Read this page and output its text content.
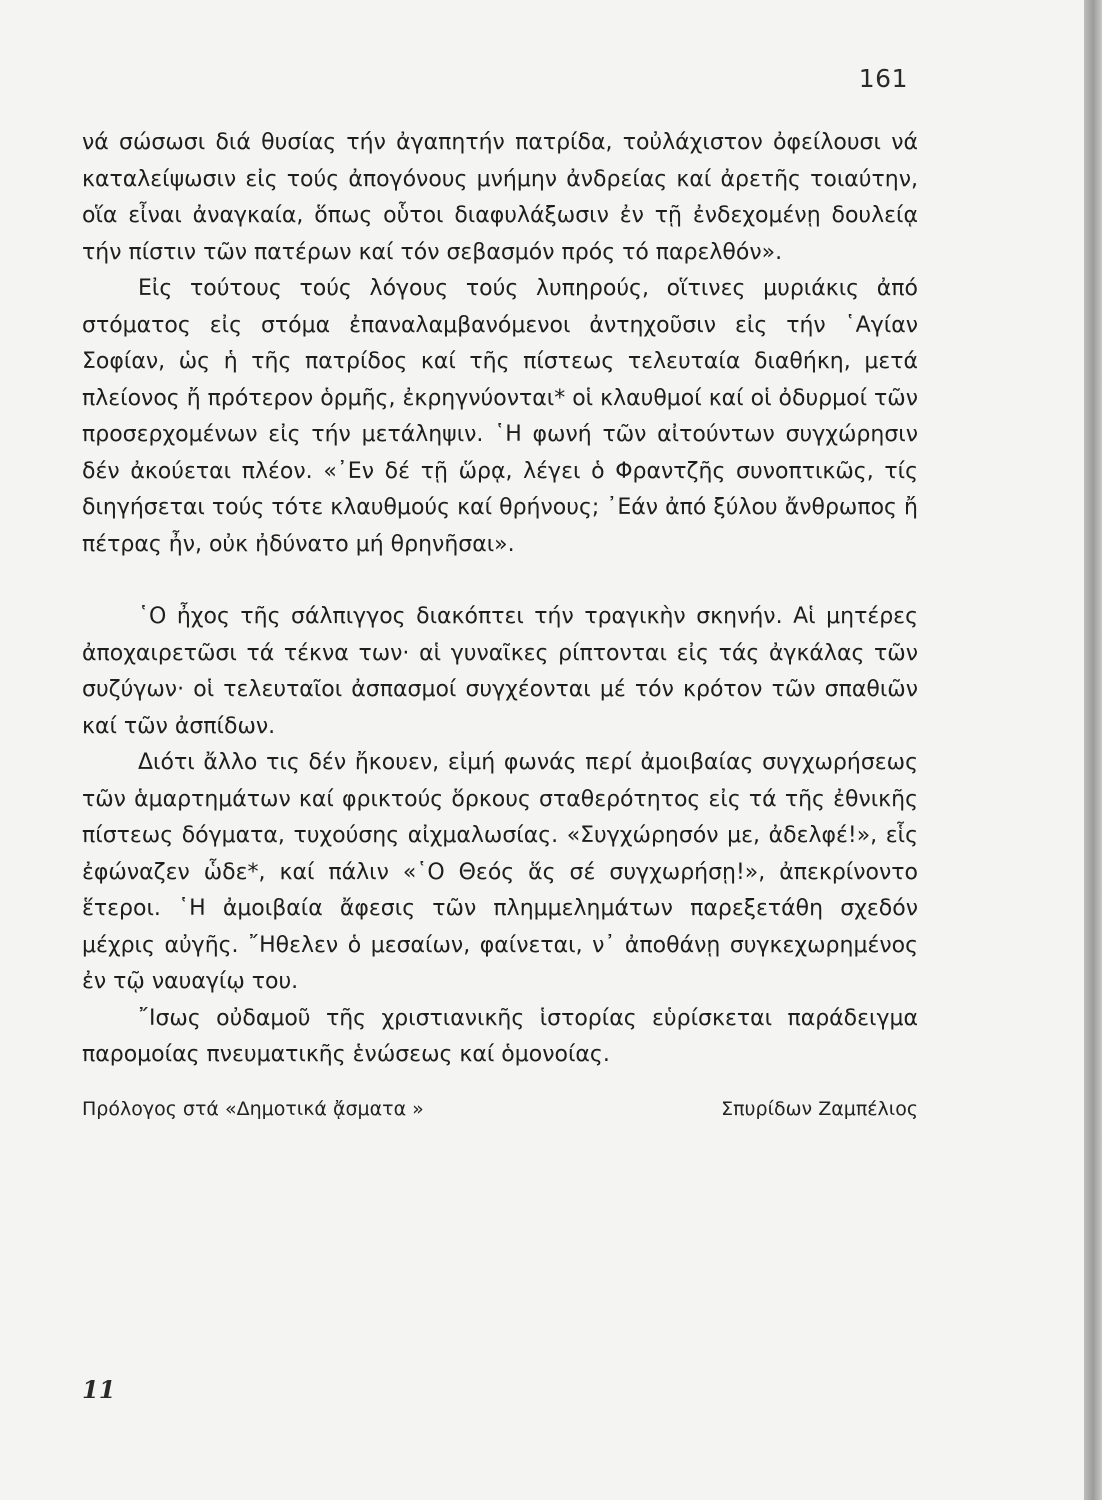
161

νά σώσωσι διά θυσίας τήν ἀγαπητήν πατρίδα, τοὐλάχιστον ὀφείλουσι νά καταλείψωσιν εἰς τούς ἀπογόνους μνήμην ἀνδρείας καί ἀρετῆς τοιαύτην, οἵα εἶναι ἀναγκαία, ὅπως οὗτοι διαφυλάξωσιν ἐν τῇ ἐνδεχομένῃ δουλείᾳ τήν πίστιν τῶν πατέρων καί τόν σεβασμόν πρός τό παρελθόν».

Εἰς τούτους τούς λόγους τούς λυπηρούς, οἵτινες μυριάκις ἀπό στόματος εἰς στόμα ἐπαναλαμβανόμενοι ἀντηχοῦσιν εἰς τήν ῾Αγίαν Σοφίαν, ὡς ἡ τῆς πατρίδος καί τῆς πίστεως τελευταία διαθήκη, μετά πλείονος ἤ πρότερον ὁρμῆς, ἐκρηγνύονται* οἱ κλαυθμοί καί οἱ ὀδυρμοί τῶν προσερχομένων εἰς τήν μετάληψιν. ῾Η φωνή τῶν αἰτούντων συγχώρησιν δέν ἀκούεται πλέον. «᾿Εν δέ τῇ ὥρᾳ, λέγει ὁ Φραντζῆς συνοπτικῶς, τίς διηγήσεται τούς τότε κλαυθμούς καί θρήνους; ᾿Εάν ἀπό ξύλου ἄνθρωπος ἤ πέτρας ἦν, οὐκ ἠδύνατο μή θρηνῆσαι».

῾Ο ἦχος τῆς σάλπιγγος διακόπτει τήν τραγικὴν σκηνήν. Αἱ μητέρες ἀποχαιρετῶσι τά τέκνα των· αἱ γυναῖκες ρίπτονται εἰς τάς ἀγκάλας τῶν συζύγων· οἱ τελευταῖοι ἀσπασμοί συγχέονται μέ τόν κρότον τῶν σπαθιῶν καί τῶν ἀσπίδων.

Διότι ἄλλο τις δέν ἤκουεν, εἰμή φωνάς περί ἀμοιβαίας συγχωρήσεως τῶν ἁμαρτημάτων καί φρικτούς ὅρκους σταθερότητος εἰς τά τῆς ἐθνικῆς πίστεως δόγματα, τυχούσης αἰχμαλωσίας. «Συγχώρησόν με, ἀδελφέ!», εἷς ἐφώναζεν ὧδε*, καί πάλιν «῾Ο Θεός ἅς σέ συγχωρήσῃ!», ἀπεκρίνοντο ἕτεροι. ῾Η ἀμοιβαία ἄφεσις τῶν πλημμελημάτων παρεξετάθη σχεδόν μέχρις αὐγῆς. ῎Ηθελεν ὁ μεσαίων, φαίνεται, ν᾿ ἀποθάνῃ συγκεχωρημένος ἐν τῷ ναυαγίῳ του.

῎Ισως οὐδαμοῦ τῆς χριστιανικῆς ἱστορίας εὑρίσκεται παράδειγμα παρομοίας πνευματικῆς ἑνώσεως καί ὁμονοίας.

Πρόλογος στά «Δημοτικά ᾄσματα »	Σπυρίδων Ζαμπέλιος
11
